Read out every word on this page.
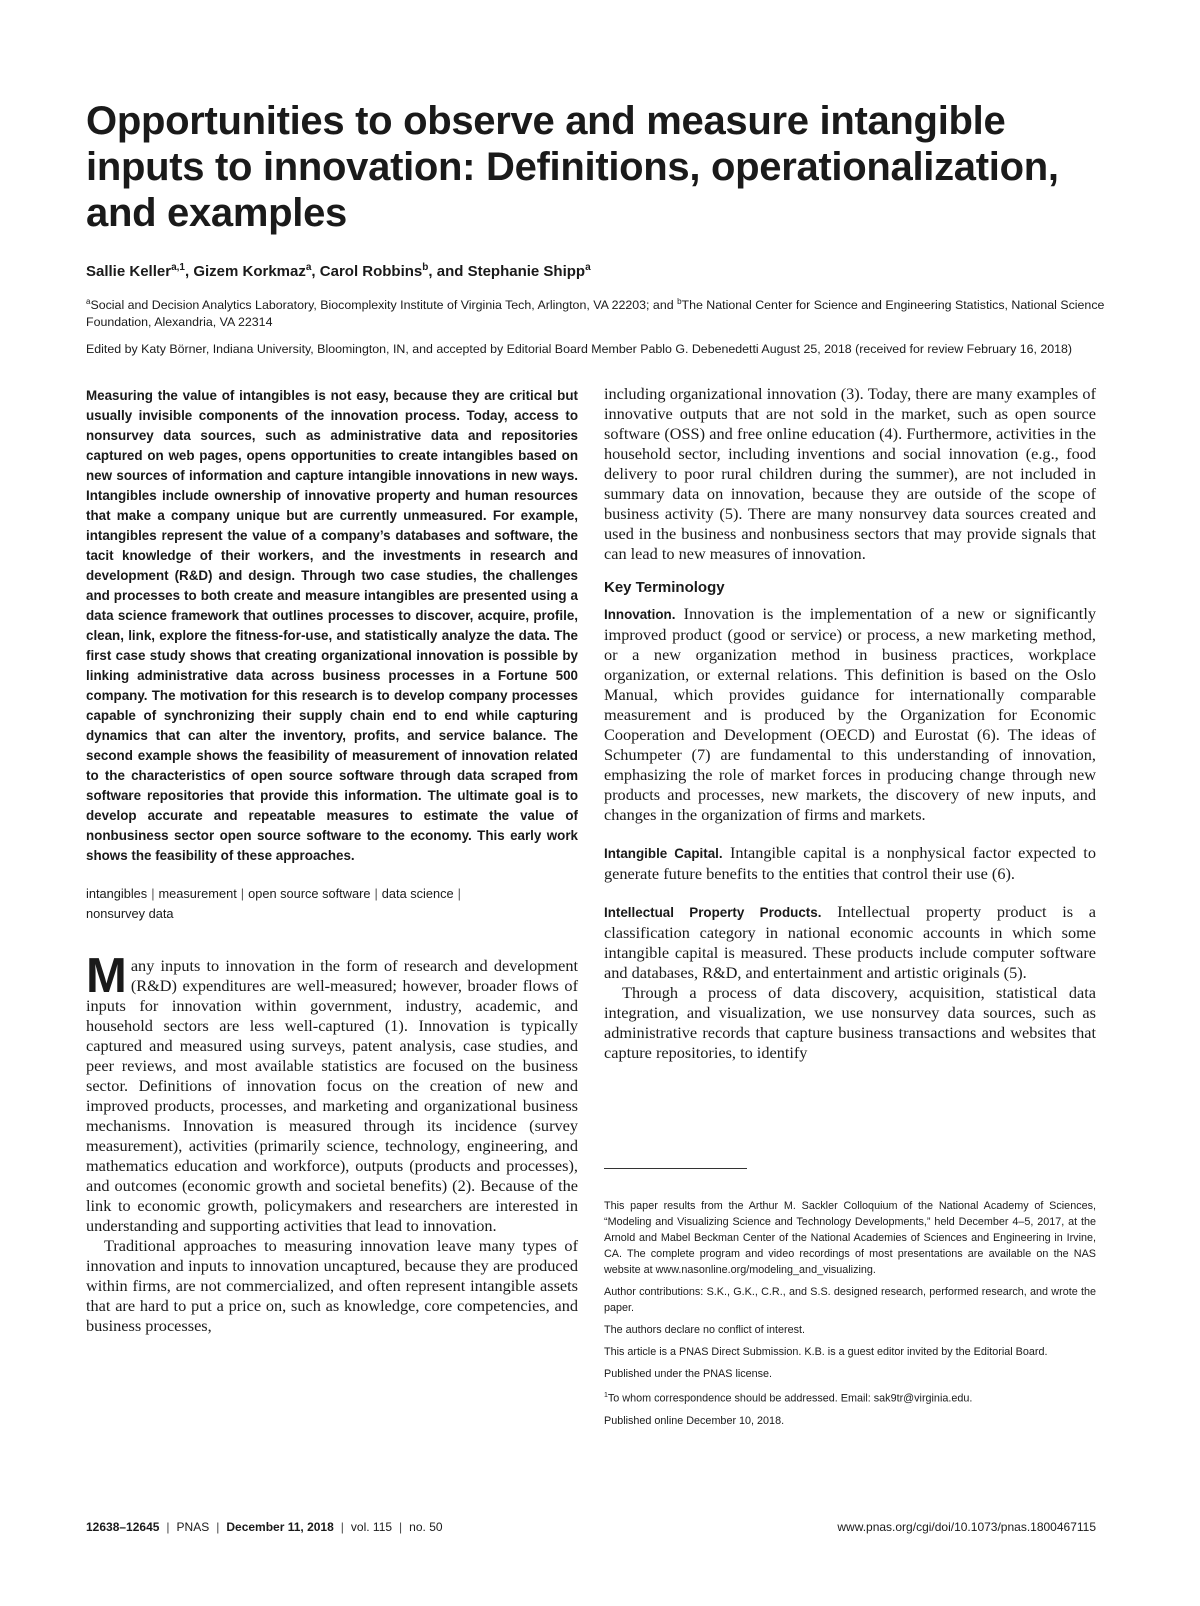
Opportunities to observe and measure intangible inputs to innovation: Definitions, operationalization, and examples
Sallie Keller$^{a,1}$, Gizem Korkmaz$^a$, Carol Robbins$^b$, and Stephanie Shipp$^a$
$^a$Social and Decision Analytics Laboratory, Biocomplexity Institute of Virginia Tech, Arlington, VA 22203; and $^b$The National Center for Science and Engineering Statistics, National Science Foundation, Alexandria, VA 22314
Edited by Katy Börner, Indiana University, Bloomington, IN, and accepted by Editorial Board Member Pablo G. Debenedetti August 25, 2018 (received for review February 16, 2018)

Measuring the value of intangibles is not easy, because they are critical but usually invisible components of the innovation process. Today, access to nonsurvey data sources, such as administrative data and repositories captured on web pages, opens opportunities to create intangibles based on new sources of information and capture intangible innovations in new ways. Intangibles include ownership of innovative property and human resources that make a company unique but are currently unmeasured. For example, intangibles represent the value of a company’s databases and software, the tacit knowledge of their workers, and the investments in research and development (R&D) and design. Through two case studies, the challenges and processes to both create and measure intangibles are presented using a data science framework that outlines processes to discover, acquire, profile, clean, link, explore the fitness-for-use, and statistically analyze the data. The first case study shows that creating organizational innovation is possible by linking administrative data across business processes in a Fortune 500 company. The motivation for this research is to develop company processes capable of synchronizing their supply chain end to end while capturing dynamics that can alter the inventory, profits, and service balance. The second example shows the feasibility of measurement of innovation related to the characteristics of open source software through data scraped from software repositories that provide this information. The ultimate goal is to develop accurate and repeatable measures to estimate the value of nonbusiness sector open source software to the economy. This early work shows the feasibility of these approaches.

intangibles | measurement | open source software | data science |
nonsurvey data

Many inputs to innovation in the form of research and development (R&D) expenditures are well-measured; however, broader flows of inputs for innovation within government, industry, academic, and household sectors are less well-captured (1). Innovation is typically captured and measured using surveys, patent analysis, case studies, and peer reviews, and most available statistics are focused on the business sector. Definitions of innovation focus on the creation of new and improved products, processes, and marketing and organizational business mechanisms. Innovation is measured through its incidence (survey measurement), activities (primarily science, technology, engineering, and mathematics education and workforce), outputs (products and processes), and outcomes (economic growth and societal benefits) (2). Because of the link to economic growth, policymakers and researchers are interested in understanding and supporting activities that lead to innovation.

Traditional approaches to measuring innovation leave many types of innovation and inputs to innovation uncaptured, because they are produced within firms, are not commercialized, and often represent intangible assets that are hard to put a price on, such as knowledge, core competencies, and business processes,

including organizational innovation (3). Today, there are many examples of innovative outputs that are not sold in the market, such as open source software (OSS) and free online education (4). Furthermore, activities in the household sector, including inventions and social innovation (e.g., food delivery to poor rural children during the summer), are not included in summary data on innovation, because they are outside of the scope of business activity (5). There are many nonsurvey data sources created and used in the business and nonbusiness sectors that may provide signals that can lead to new measures of innovation.

Key Terminology

Innovation. Innovation is the implementation of a new or significantly improved product (good or service) or process, a new marketing method, or a new organization method in business practices, workplace organization, or external relations. This definition is based on the Oslo Manual, which provides guidance for internationally comparable measurement and is produced by the Organization for Economic Cooperation and Development (OECD) and Eurostat (6). The ideas of Schumpeter (7) are fundamental to this understanding of innovation, emphasizing the role of market forces in producing change through new products and processes, new markets, the discovery of new inputs, and changes in the organization of firms and markets.

Intangible Capital. Intangible capital is a nonphysical factor expected to generate future benefits to the entities that control their use (6).

Intellectual Property Products. Intellectual property product is a classification category in national economic accounts in which some intangible capital is measured. These products include computer software and databases, R&D, and entertainment and artistic originals (5).

Through a process of data discovery, acquisition, statistical data integration, and visualization, we use nonsurvey data sources, such as administrative records that capture business transactions and websites that capture repositories, to identify

This paper results from the Arthur M. Sackler Colloquium of the National Academy of Sciences, “Modeling and Visualizing Science and Technology Developments,” held December 4–5, 2017, at the Arnold and Mabel Beckman Center of the National Academies of Sciences and Engineering in Irvine, CA. The complete program and video recordings of most presentations are available on the NAS website at www.nasonline.org/modeling_and_visualizing.

Author contributions: S.K., G.K., C.R., and S.S. designed research, performed research, and wrote the paper.

The authors declare no conflict of interest.

This article is a PNAS Direct Submission. K.B. is a guest editor invited by the Editorial Board.

Published under the PNAS license.

$^1$To whom correspondence should be addressed. Email: sak9tr@virginia.edu.

Published online December 10, 2018.

12638–12645 | PNAS | December 11, 2018 | vol. 115 | no. 50	www.pnas.org/cgi/doi/10.1073/pnas.1800467115
